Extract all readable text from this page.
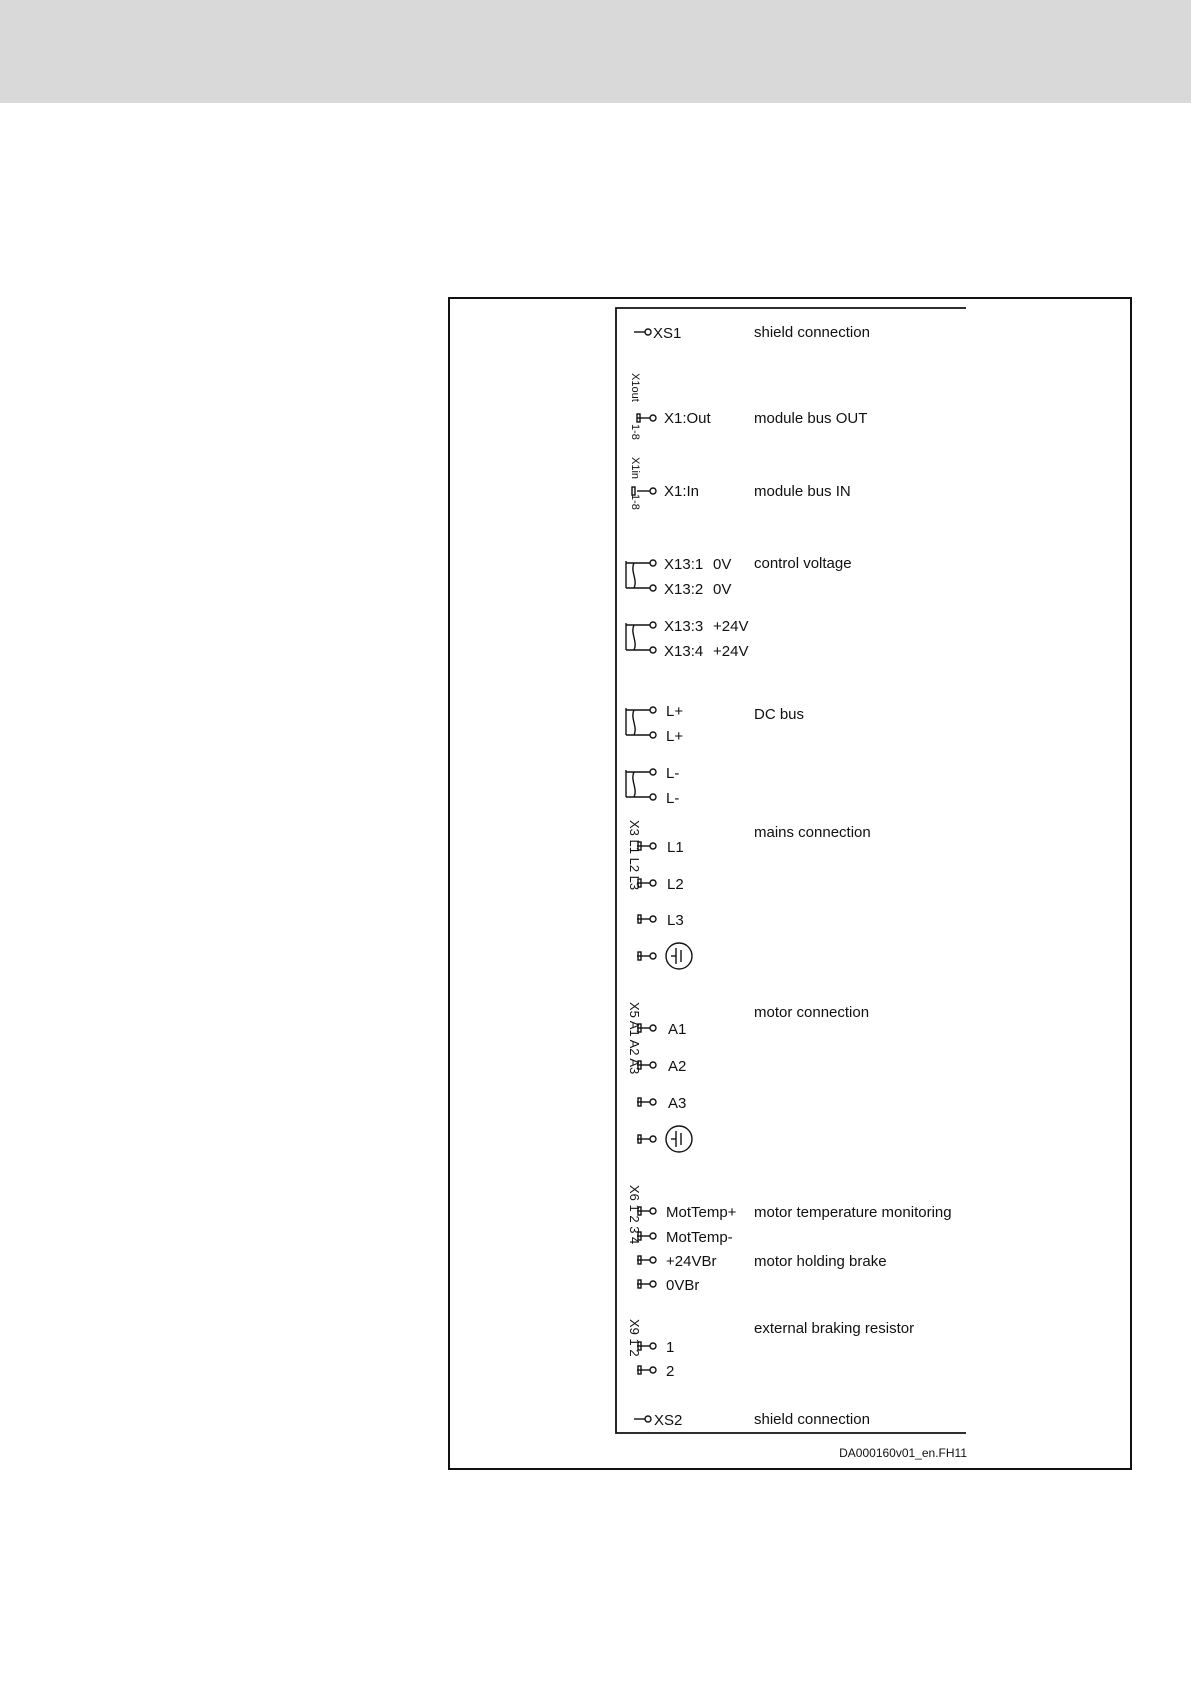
XS1
X1:Out
X1:In
X1out
1-8
X1in
1-8
X13:1 0V
X13:2 0V
X13:3 +24V
X13:4 +24V
L+
L+
L-
L-
X3 L1 L2 L3 L1
L2
L3
X5 A1 A2 A3 A1
A2
A3
X6 1 2 3 4 MotTemp+
MotTemp-
+24VBr
0VBr
X9 1 2 1
2
XS2
shield connection
module bus OUT
module bus IN
control voltage
DC bus
mains connection
motor connection
motor temperature monitoring
motor holding brake
external braking resistor
shield connection
DA000160v01_en.FH11
